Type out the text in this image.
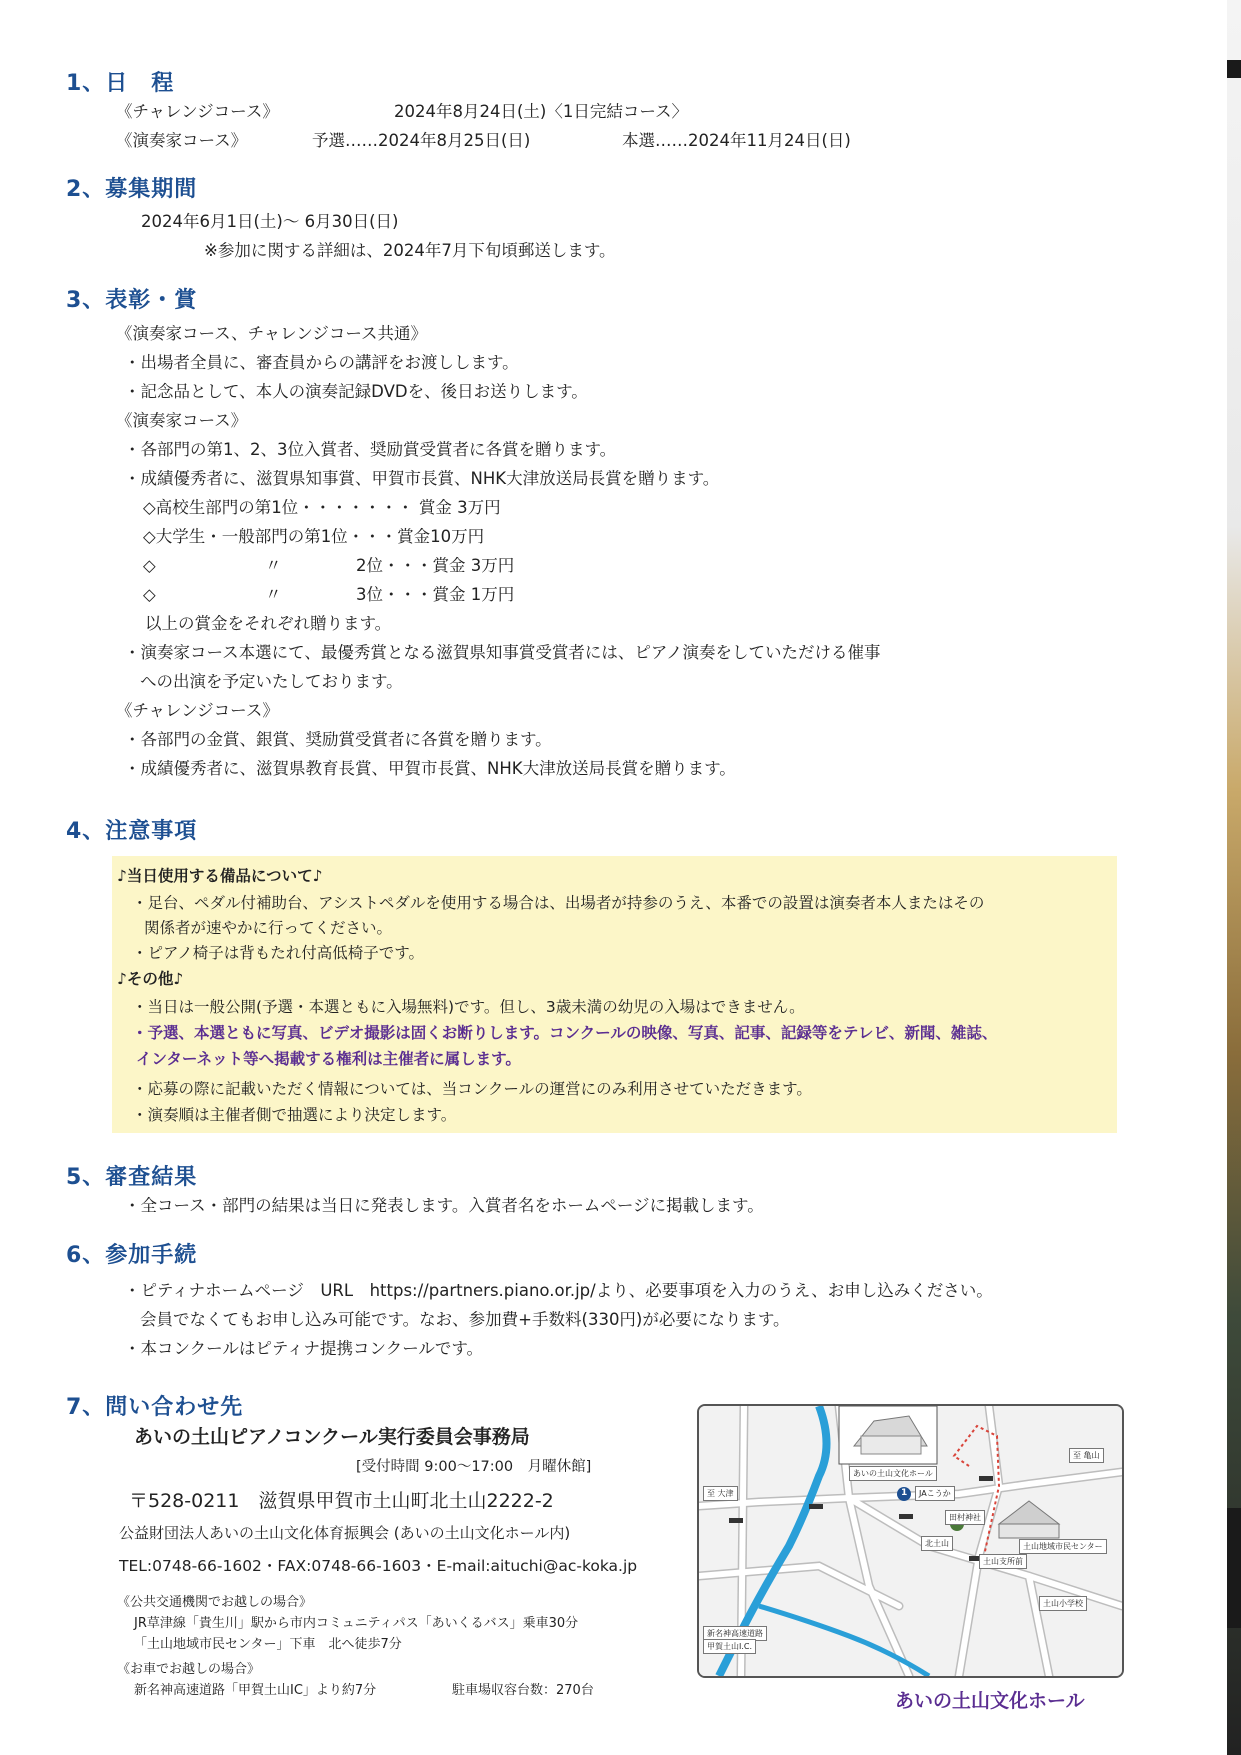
1、日　程
《チャレンジコース》	2024年8月24日(土)〈1日完結コース〉
《演奏家コース》	予選……2024年8月25日(日)	本選……2024年11月24日(日)
2、募集期間
2024年6月1日(土)～ 6月30日(日)
※参加に関する詳細は、2024年7月下旬頃郵送します。
3、表彰・賞
《演奏家コース、チャレンジコース共通》
・出場者全員に、審査員からの講評をお渡しします。
・記念品として、本人の演奏記録DVDを、後日お送りします。
《演奏家コース》
・各部門の第1、2、3位入賞者、奨励賞受賞者に各賞を贈ります。
・成績優秀者に、滋賀県知事賞、甲賀市長賞、NHK大津放送局長賞を贈ります。
◇高校生部門の第1位・・・・・・・ 賞金 3万円
◇大学生・一般部門の第1位・・・賞金10万円
◇	〃	2位・・・賞金 3万円
◇	〃	3位・・・賞金 1万円
以上の賞金をそれぞれ贈ります。
・演奏家コース本選にて、最優秀賞となる滋賀県知事賞受賞者には、ピアノ演奏をしていただける催事
への出演を予定いたしております。
《チャレンジコース》
・各部門の金賞、銀賞、奨励賞受賞者に各賞を贈ります。
・成績優秀者に、滋賀県教育長賞、甲賀市長賞、NHK大津放送局長賞を贈ります。
4、注意事項
♪当日使用する備品について♪
・足台、ペダル付補助台、アシストペダルを使用する場合は、出場者が持参のうえ、本番での設置は演奏者本人またはその
関係者が速やかに行ってください。
・ピアノ椅子は背もたれ付高低椅子です。
♪その他♪
・当日は一般公開(予選・本選ともに入場無料)です。但し、3歳未満の幼児の入場はできません。
・予選、本選ともに写真、ビデオ撮影は固くお断りします。コンクールの映像、写真、記事、記録等をテレビ、新聞、雑誌、
インターネット等へ掲載する権利は主催者に属します。
・応募の際に記載いただく情報については、当コンクールの運営にのみ利用させていただきます。
・演奏順は主催者側で抽選により決定します。
5、審査結果
・全コース・部門の結果は当日に発表します。入賞者名をホームページに掲載します。
6、参加手続
・ピティナホームページ　URL　https://partners.piano.or.jp/より、必要事項を入力のうえ、お申し込みください。
会員でなくてもお申し込み可能です。なお、参加費+手数料(330円)が必要になります。
・本コンクールはピティナ提携コンクールです。
7、問い合わせ先
あいの土山ピアノコンクール実行委員会事務局
[受付時間 9:00～17:00　月曜休館]
〒528-0211　滋賀県甲賀市土山町北土山2222-2
公益財団法人あいの土山文化体育振興会 (あいの土山文化ホール内)
TEL:0748-66-1602・FAX:0748-66-1603・E-mail:aituchi@ac-koka.jp
《公共交通機関でお越しの場合》
JR草津線「貴生川」駅から市内コミュニティパス「あいくるバス」乗車30分
「土山地域市民センター」下車　北へ徒歩7分
《お車でお越しの場合》
新名神高速道路「甲賀土山IC」より約7分	駐車場収容台数：270台
あいの土山文化ホール
JAこうか
1
新名神高速道路
甲賀土山I.C.
土山地域市民センター
土山支所前
土山小学校
北土山
田村神社
至 亀山
至 大津
あいの土山文化ホール
